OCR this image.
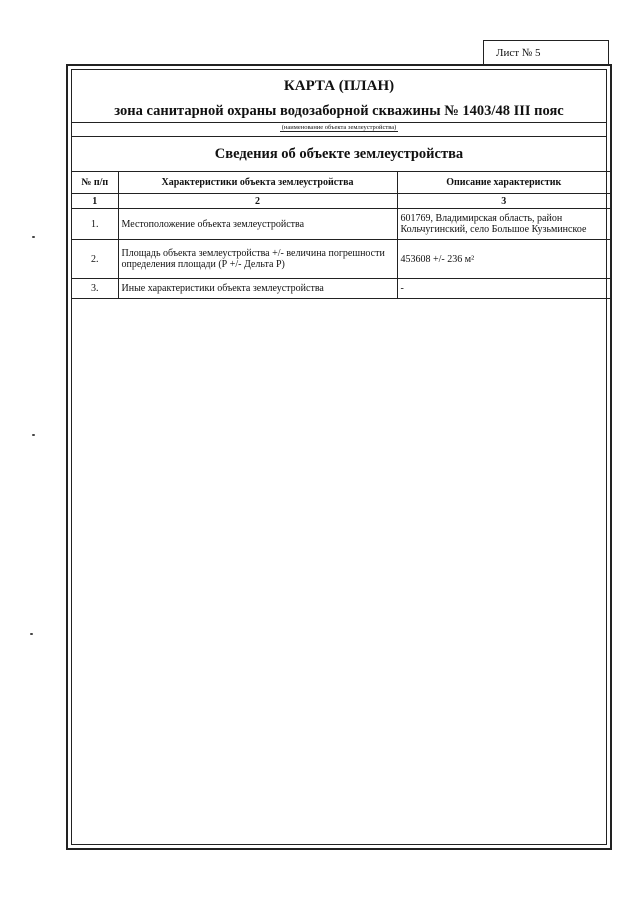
Лист № 5
КАРТА (ПЛАН)
зона санитарной охраны водозаборной скважины № 1403/48 III пояс
(наименование объекта землеустройства)
Сведения об объекте землеустройства
№ п/п	Характеристики объекта землеустройства	Описание характеристик
1	2	3
1.	Местоположение объекта землеустройства	601769, Владимирская область, район Кольчугинский, село Большое Кузьминское
2.	Площадь объекта землеустройства +/- величина погрешности определения площади (Р +/- Дельта Р)	453608 +/- 236 м²
3.	Иные характеристики объекта землеустройства	-
